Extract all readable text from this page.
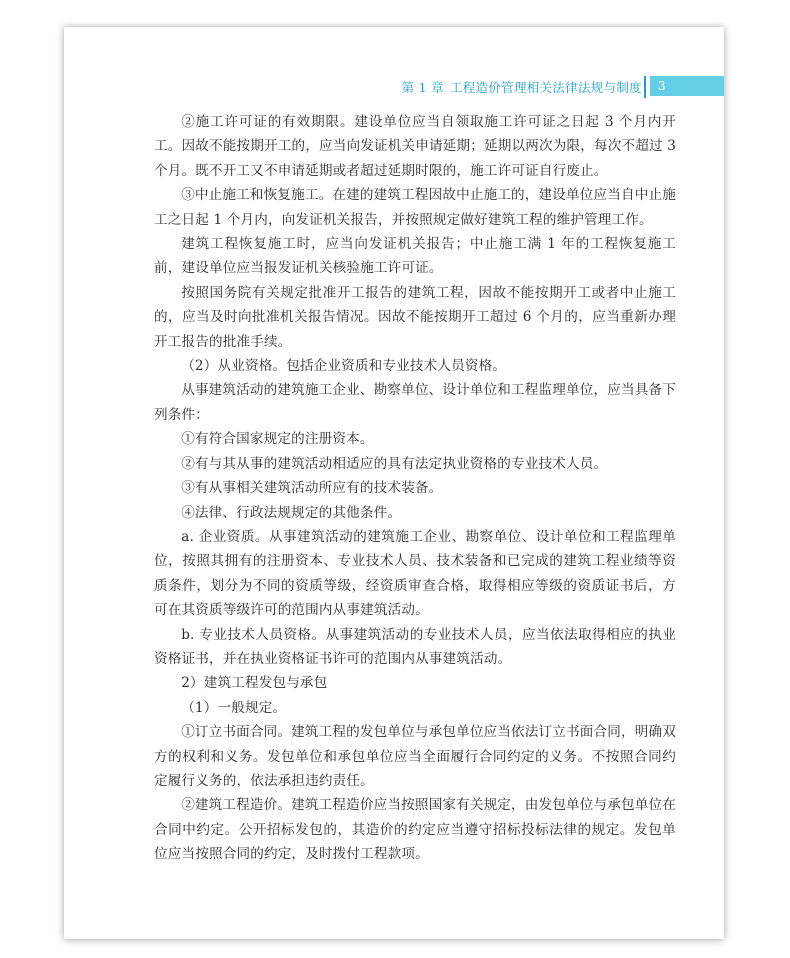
第 1 章 工程造价管理相关法律法规与制度	3

②施工许可证的有效期限。建设单位应当自领取施工许可证之日起 3 个月内开工。因故不能按期开工的，应当向发证机关申请延期；延期以两次为限，每次不超过 3 个月。既不开工又不申请延期或者超过延期时限的，施工许可证自行废止。

③中止施工和恢复施工。在建的建筑工程因故中止施工的，建设单位应当自中止施工之日起 1 个月内，向发证机关报告，并按照规定做好建筑工程的维护管理工作。

建筑工程恢复施工时，应当向发证机关报告；中止施工满 1 年的工程恢复施工前，建设单位应当报发证机关核验施工许可证。

按照国务院有关规定批准开工报告的建筑工程，因故不能按期开工或者中止施工的，应当及时向批准机关报告情况。因故不能按期开工超过 6 个月的，应当重新办理开工报告的批准手续。

（2）从业资格。包括企业资质和专业技术人员资格。

从事建筑活动的建筑施工企业、勘察单位、设计单位和工程监理单位，应当具备下列条件：

①有符合国家规定的注册资本。

②有与其从事的建筑活动相适应的具有法定执业资格的专业技术人员。

③有从事相关建筑活动所应有的技术装备。

④法律、行政法规规定的其他条件。

a. 企业资质。从事建筑活动的建筑施工企业、勘察单位、设计单位和工程监理单位，按照其拥有的注册资本、专业技术人员、技术装备和已完成的建筑工程业绩等资质条件，划分为不同的资质等级，经资质审查合格，取得相应等级的资质证书后，方可在其资质等级许可的范围内从事建筑活动。

b. 专业技术人员资格。从事建筑活动的专业技术人员，应当依法取得相应的执业资格证书，并在执业资格证书许可的范围内从事建筑活动。

2）建筑工程发包与承包

（1）一般规定。

①订立书面合同。建筑工程的发包单位与承包单位应当依法订立书面合同，明确双方的权利和义务。发包单位和承包单位应当全面履行合同约定的义务。不按照合同约定履行义务的，依法承担违约责任。

②建筑工程造价。建筑工程造价应当按照国家有关规定，由发包单位与承包单位在合同中约定。公开招标发包的，其造价的约定应当遵守招标投标法律的规定。发包单位应当按照合同的约定，及时拨付工程款项。
